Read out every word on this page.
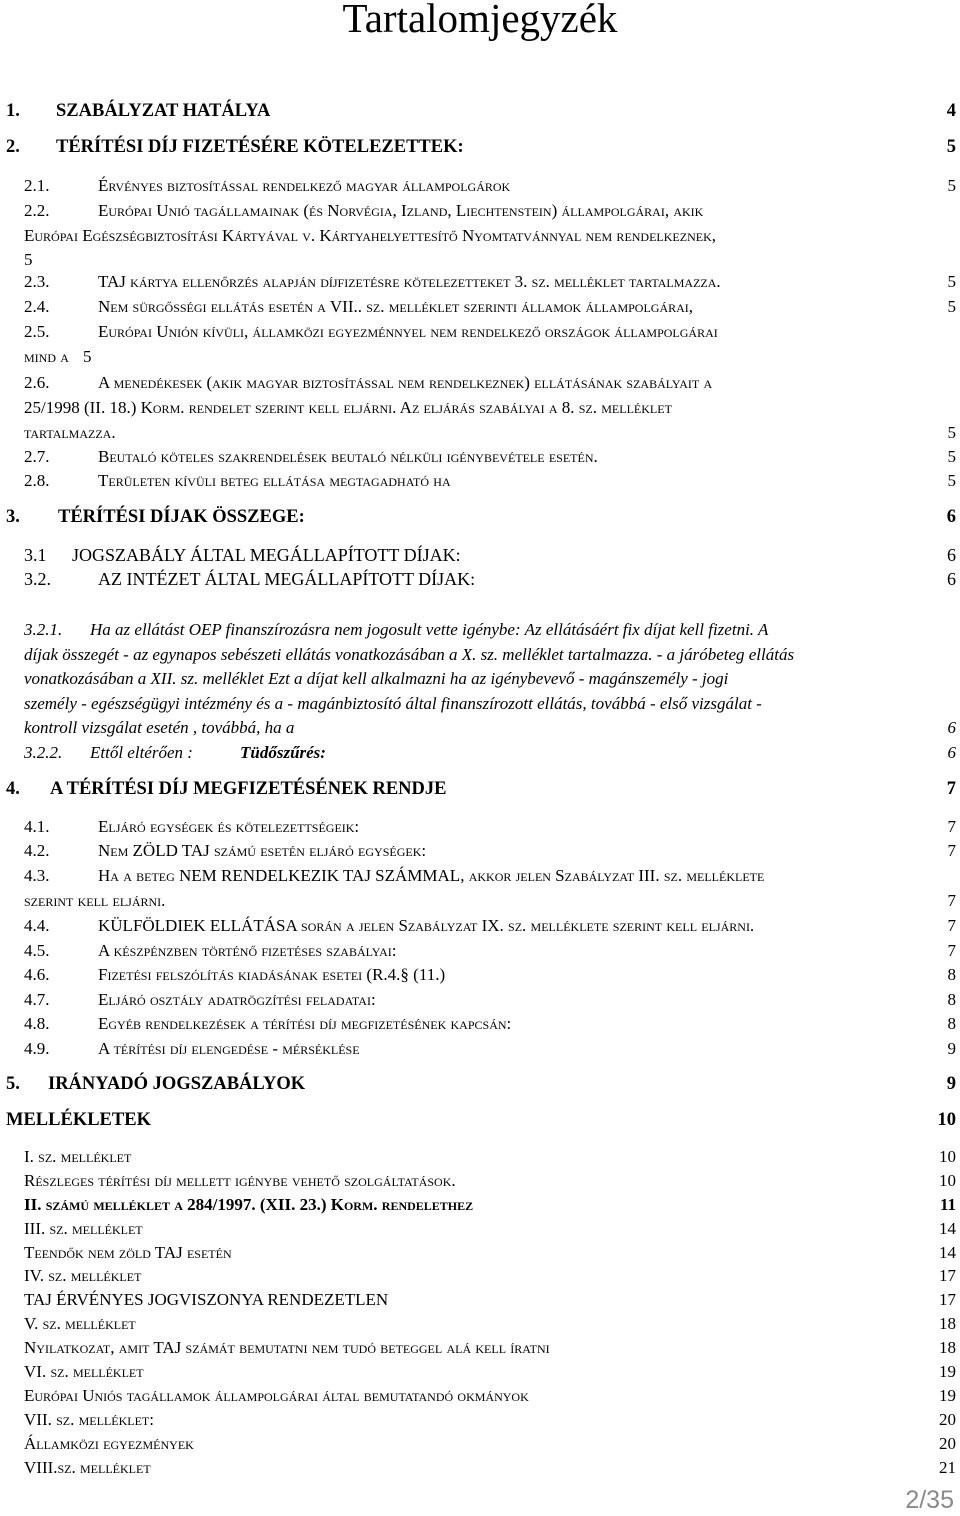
Tartalomjegyzék
1. SZABÁLYZAT HATÁLYA	4
2. TÉRÍTÉSI DÍJ FIZETÉSÉRE KÖTELEZETTEK:	5
2.1.	Érvényes biztosítással rendelkező magyar állampolgárok	5
2.2.	Európai Unió tagállamainak (és Norvégia, Izland, Liechtenstein) állampolgárai, akik
Európai Egészségbiztosítási Kártyával v. Kártyahelyettesítő Nyomtatvánnyal nem rendelkeznek,
5
2.3.	TAJ kártya ellenőrzés alapján díjfizetésre kötelezetteket 3. sz. melléklet tartalmazza.	5
2.4.	Nem sürgősségi ellátás esetén a VII.. sz. melléklet szerinti államok állampolgárai,	5
2.5.	Európai Unión kívüli, államközi egyezménnyel nem rendelkező országok állampolgárai
mind a 5
2.6.	A menedékesek (akik magyar biztosítással nem rendelkeznek) ellátásának szabályait a
25/1998 (II. 18.) Korm. rendelet szerint kell eljárni. Az eljárás szabályai a 8. sz. melléklet
tartalmazza.	5
2.7.	Beutaló köteles szakrendelések beutaló nélküli igénybevétele esetén.	5
2.8.	Területen kívüli beteg ellátása megtagadható ha	5
3. TÉRÍTÉSI DÍJAK ÖSSZEGE:	6
3.1 JOGSZABÁLY ÁLTAL MEGÁLLAPÍTOTT DÍJAK:	6
3.2.	AZ INTÉZET ÁLTAL MEGÁLLAPÍTOTT DÍJAK:	6
3.2.1. Ha az ellátást OEP finanszírozásra nem jogosult vette igénybe: Az ellátásáért fix díjat kell fizetni. A
díjak összegét - az egynapos sebészeti ellátás vonatkozásában a X. sz. melléklet tartalmazza. - a járóbeteg ellátás
vonatkozásában a XII. sz. melléklet Ezt a díjat kell alkalmazni ha az igénybevevő - magánszemély - jogi
személy - egészségügyi intézmény és a - magánbiztosító által finanszírozott ellátás, továbbá - első vizsgálat -
kontroll vizsgálat esetén , továbbá, ha a	6
3.2.2. Ettől eltérően :	Tüdőszűrés:	6
4. A TÉRÍTÉSI DÍJ MEGFIZETÉSÉNEK RENDJE	7
4.1.	Eljáró egységek és kötelezettségeik:	7
4.2.	Nem ZÖLD TAJ számú esetén eljáró egységek:	7
4.3.	Ha a beteg NEM RENDELKEZIK TAJ SZÁMMAL, akkor jelen Szabályzat III. sz. melléklete
szerint kell eljárni.	7
4.4.	KÜLFÖLDIEK ELLÁTÁSA során a jelen Szabályzat IX. sz. melléklete szerint kell eljárni.	7
4.5.	A készpénzben történő fizetéses szabályai:	7
4.6.	Fizetési felszólítás kiadásának esetei (R.4.§ (11.)	8
4.7.	Eljáró osztály adatrögzítési feladatai:	8
4.8.	Egyéb rendelkezések a térítési díj megfizetésének kapcsán:	8
4.9.	A térítési díj elengedése - mérséklése	9
5. IRÁNYADÓ JOGSZABÁLYOK	9
MELLÉKLETEK	10
I. sz. melléklet	10
Részleges térítési díj mellett igénybe vehető szolgáltatások.	10
II. számú melléklet a 284/1997. (XII. 23.) Korm. rendelethez	11
III. sz. melléklet	14
Teendők nem zöld TAJ esetén	14
IV. sz. melléklet	17
TAJ ÉRVÉNYES JOGVISZONYA RENDEZETLEN	17
V. sz. melléklet	18
Nyilatkozat, amit TAJ számát bemutatni nem tudó beteggel alá kell íratni	18
VI. sz. melléklet	19
Európai Uniós tagállamok állampolgárai által bemutatandó okmányok	19
VII. sz. melléklet:	20
Államközi egyezmények	20
VIII.sz. melléklet	21
2/35
